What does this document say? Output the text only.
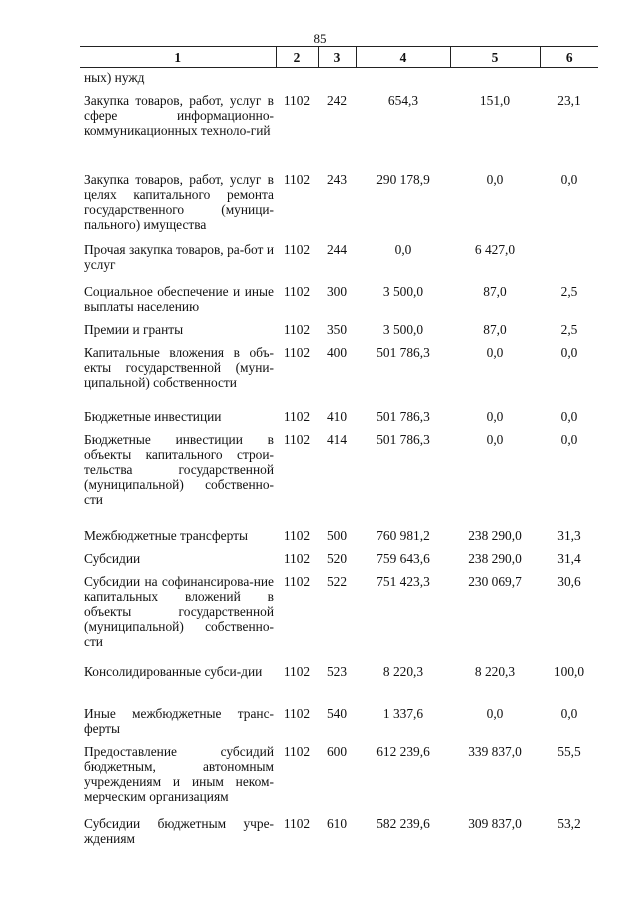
85
1	2	3	4	5	6
ных) нужд					
Закупка товаров, работ, услуг в сфере информационно-коммуникационных техноло-гий	1102	242	654,3	151,0	23,1
Закупка товаров, работ, услуг в целях капитального ремонта государственного (муници-пального) имущества	1102	243	290 178,9	0,0	0,0
Прочая закупка товаров, ра-бот и услуг	1102	244	0,0	6 427,0	
Социальное обеспечение и иные выплаты населению	1102	300	3 500,0	87,0	2,5
Премии и гранты	1102	350	3 500,0	87,0	2,5
Капитальные вложения в объ-екты государственной (муни-ципальной) собственности	1102	400	501 786,3	0,0	0,0
Бюджетные инвестиции	1102	410	501 786,3	0,0	0,0
Бюджетные инвестиции в объекты капитального строи-тельства государственной (муниципальной) собственно-сти	1102	414	501 786,3	0,0	0,0
Межбюджетные трансферты	1102	500	760 981,2	238 290,0	31,3
Субсидии	1102	520	759 643,6	238 290,0	31,4
Субсидии на софинансирова-ние капитальных вложений в объекты государственной (муниципальной) собственно-сти	1102	522	751 423,3	230 069,7	30,6
Консолидированные субси-дии	1102	523	8 220,3	8 220,3	100,0
Иные межбюджетные транс-ферты	1102	540	1 337,6	0,0	0,0
Предоставление субсидий бюджетным, автономным учреждениям и иным неком-мерческим организациям	1102	600	612 239,6	339 837,0	55,5
Субсидии бюджетным учре-ждениям	1102	610	582 239,6	309 837,0	53,2
